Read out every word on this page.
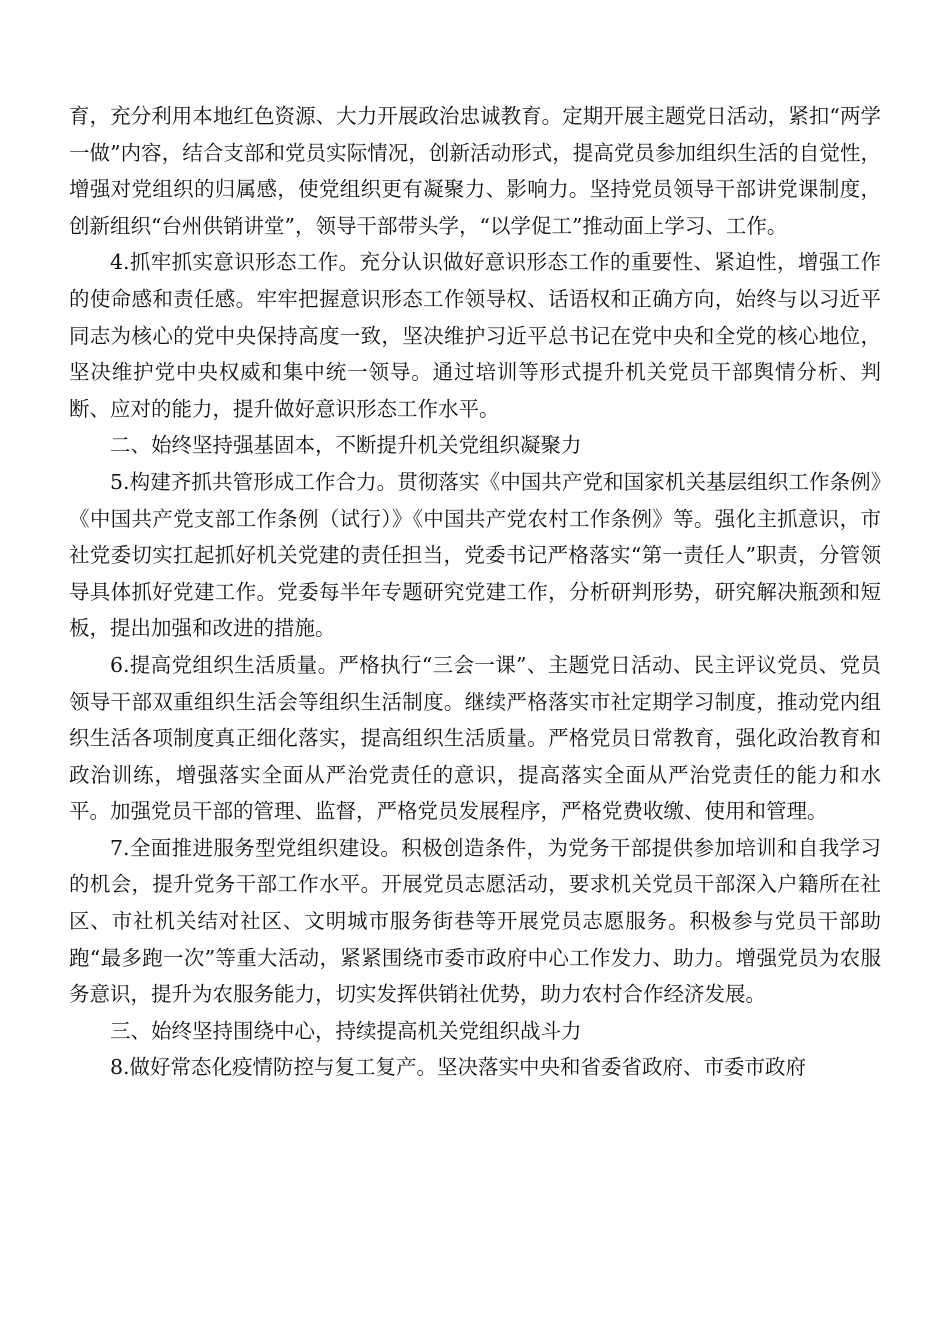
育，充分利用本地红色资源、大力开展政治忠诚教育。定期开展主题党日活动，紧扣“两学一做”内容，结合支部和党员实际情况，创新活动形式，提高党员参加组织生活的自觉性，增强对党组织的归属感，使党组织更有凝聚力、影响力。坚持党员领导干部讲党课制度，创新组织“台州供销讲堂”，领导干部带头学，“以学促工”推动面上学习、工作。

4.抓牢抓实意识形态工作。充分认识做好意识形态工作的重要性、紧迫性，增强工作的使命感和责任感。牢牢把握意识形态工作领导权、话语权和正确方向，始终与以习近平同志为核心的党中央保持高度一致，坚决维护习近平总书记在党中央和全党的核心地位，坚决维护党中央权威和集中统一领导。通过培训等形式提升机关党员干部舆情分析、判断、应对的能力，提升做好意识形态工作水平。

二、始终坚持强基固本，不断提升机关党组织凝聚力

5.构建齐抓共管形成工作合力。贯彻落实《中国共产党和国家机关基层组织工作条例》《中国共产党支部工作条例（试行）》《中国共产党农村工作条例》等。强化主抓意识，市社党委切实扛起抓好机关党建的责任担当，党委书记严格落实“第一责任人”职责，分管领导具体抓好党建工作。党委每半年专题研究党建工作，分析研判形势，研究解决瓶颈和短板，提出加强和改进的措施。

6.提高党组织生活质量。严格执行“三会一课”、主题党日活动、民主评议党员、党员领导干部双重组织生活会等组织生活制度。继续严格落实市社定期学习制度，推动党内组织生活各项制度真正细化落实，提高组织生活质量。严格党员日常教育，强化政治教育和政治训练，增强落实全面从严治党责任的意识，提高落实全面从严治党责任的能力和水平。加强党员干部的管理、监督，严格党员发展程序，严格党费收缴、使用和管理。

7.全面推进服务型党组织建设。积极创造条件，为党务干部提供参加培训和自我学习的机会，提升党务干部工作水平。开展党员志愿活动，要求机关党员干部深入户籍所在社区、市社机关结对社区、文明城市服务街巷等开展党员志愿服务。积极参与党员干部助跑“最多跑一次”等重大活动，紧紧围绕市委市政府中心工作发力、助力。增强党员为农服务意识，提升为农服务能力，切实发挥供销社优势，助力农村合作经济发展。

三、始终坚持围绕中心，持续提高机关党组织战斗力

8.做好常态化疫情防控与复工复产。坚决落实中央和省委省政府、市委市政府
